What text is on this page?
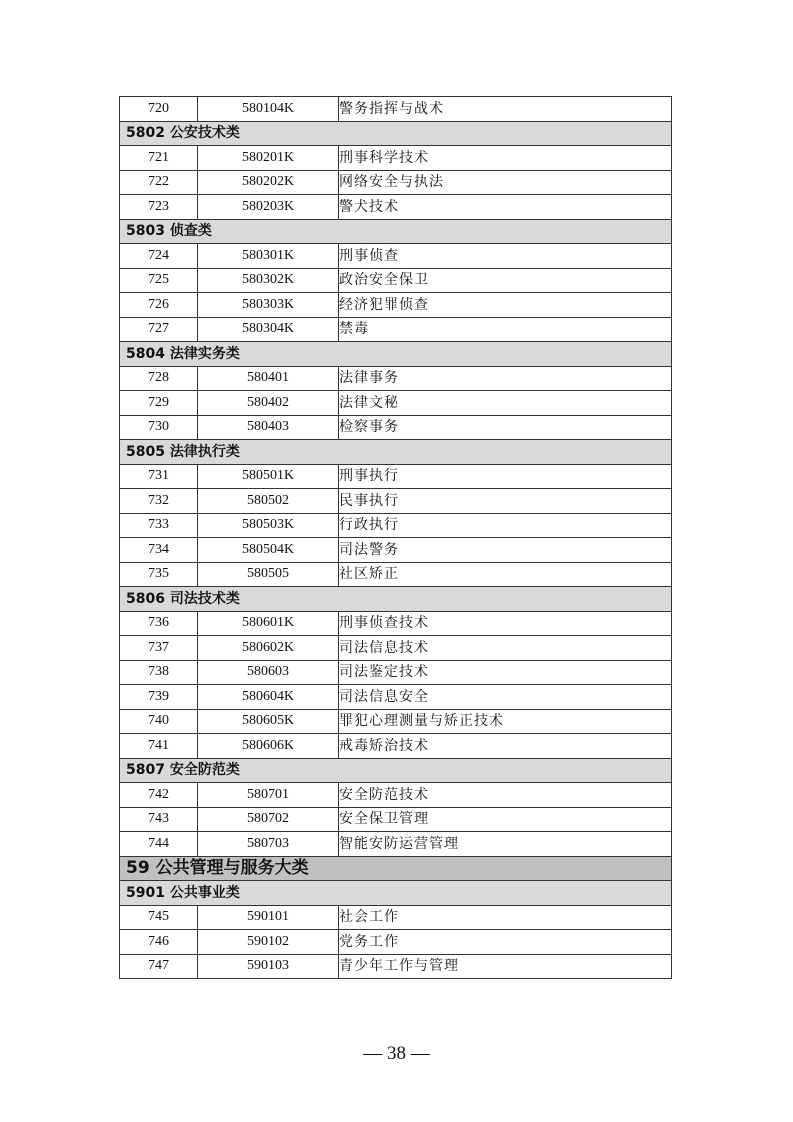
720	580104K	警务指挥与战术
5802 公安技术类		
721	580201K	刑事科学技术
722	580202K	网络安全与执法
723	580203K	警犬技术
5803 侦查类		
724	580301K	刑事侦查
725	580302K	政治安全保卫
726	580303K	经济犯罪侦查
727	580304K	禁毒
5804 法律实务类		
728	580401	法律事务
729	580402	法律文秘
730	580403	检察事务
5805 法律执行类		
731	580501K	刑事执行
732	580502	民事执行
733	580503K	行政执行
734	580504K	司法警务
735	580505	社区矫正
5806 司法技术类		
736	580601K	刑事侦查技术
737	580602K	司法信息技术
738	580603	司法鉴定技术
739	580604K	司法信息安全
740	580605K	罪犯心理测量与矫正技术
741	580606K	戒毒矫治技术
5807 安全防范类		
742	580701	安全防范技术
743	580702	安全保卫管理
744	580703	智能安防运营管理
59 公共管理与服务大类		
5901 公共事业类		
745	590101	社会工作
746	590102	党务工作
747	590103	青少年工作与管理
— 38 —
